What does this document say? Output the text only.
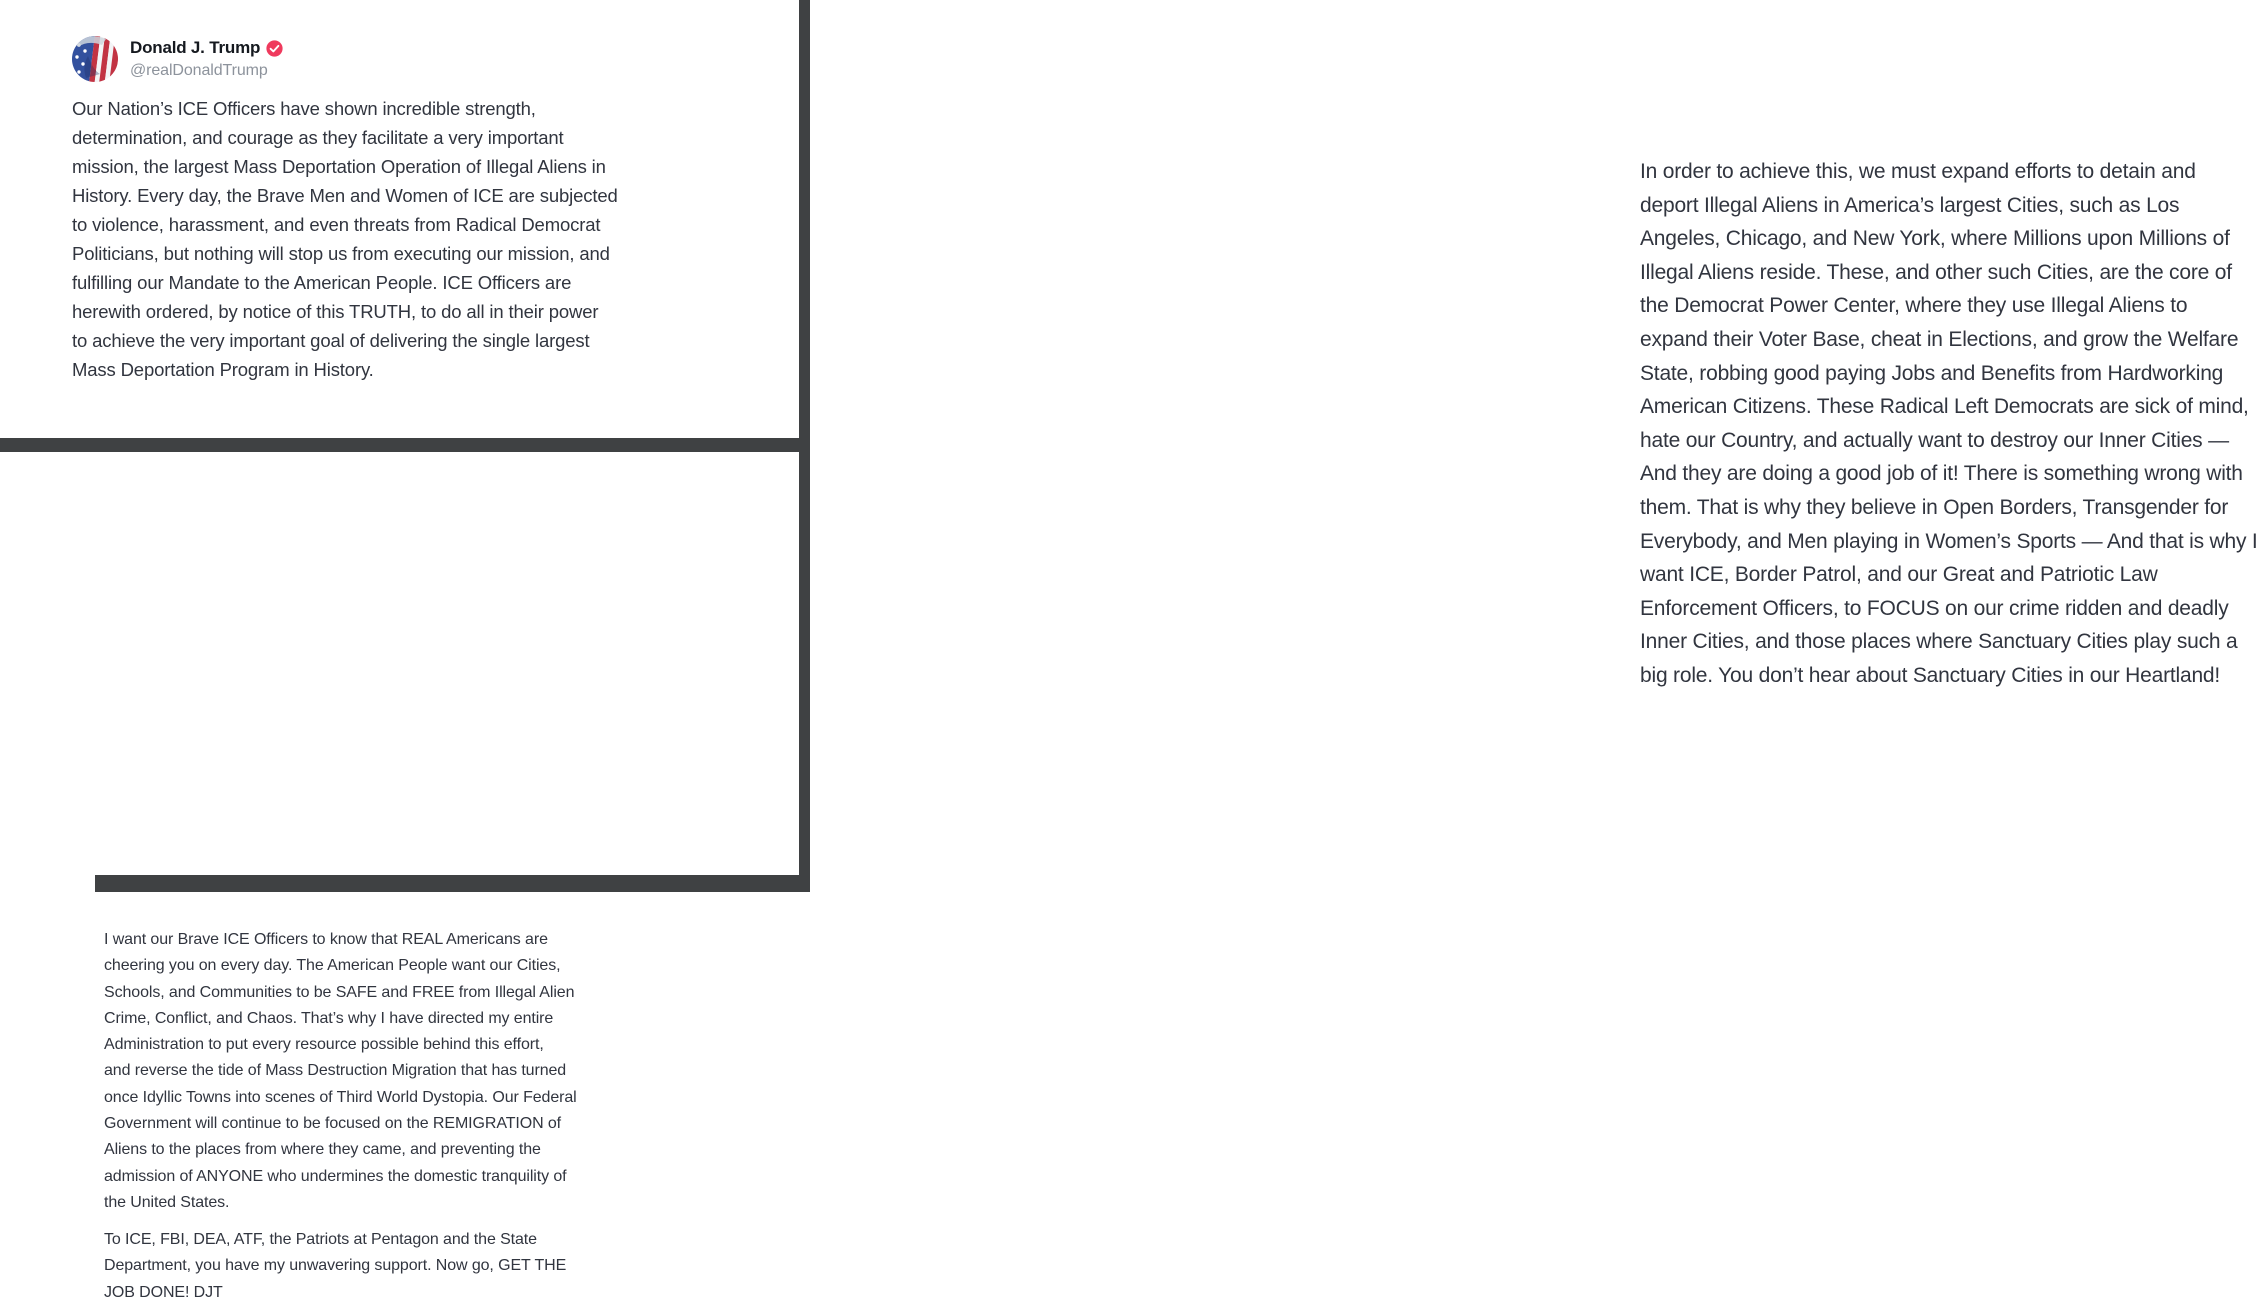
Donald J. Trump
@realDonaldTrump
Our Nation’s ICE Officers have shown incredible strength,
determination, and courage as they facilitate a very important
mission, the largest Mass Deportation Operation of Illegal Aliens in
History. Every day, the Brave Men and Women of ICE are subjected
to violence, harassment, and even threats from Radical Democrat
Politicians, but nothing will stop us from executing our mission, and
fulfilling our Mandate to the American People. ICE Officers are
herewith ordered, by notice of this TRUTH, to do all in their power
to achieve the very important goal of delivering the single largest
Mass Deportation Program in History.
I want our Brave ICE Officers to know that REAL Americans are
cheering you on every day. The American People want our Cities,
Schools, and Communities to be SAFE and FREE from Illegal Alien
Crime, Conflict, and Chaos. That’s why I have directed my entire
Administration to put every resource possible behind this effort,
and reverse the tide of Mass Destruction Migration that has turned
once Idyllic Towns into scenes of Third World Dystopia. Our Federal
Government will continue to be focused on the REMIGRATION of
Aliens to the places from where they came, and preventing the
admission of ANYONE who undermines the domestic tranquility of
the United States.
To ICE, FBI, DEA, ATF, the Patriots at Pentagon and the State
Department, you have my unwavering support. Now go, GET THE
JOB DONE! DJT
In order to achieve this, we must expand efforts to detain and
deport Illegal Aliens in America’s largest Cities, such as Los
Angeles, Chicago, and New York, where Millions upon Millions of
Illegal Aliens reside. These, and other such Cities, are the core of
the Democrat Power Center, where they use Illegal Aliens to
expand their Voter Base, cheat in Elections, and grow the Welfare
State, robbing good paying Jobs and Benefits from Hardworking
American Citizens. These Radical Left Democrats are sick of mind,
hate our Country, and actually want to destroy our Inner Cities —
And they are doing a good job of it! There is something wrong with
them. That is why they believe in Open Borders, Transgender for
Everybody, and Men playing in Women’s Sports — And that is why I
want ICE, Border Patrol, and our Great and Patriotic Law
Enforcement Officers, to FOCUS on our crime ridden and deadly
Inner Cities, and those places where Sanctuary Cities play such a
big role. You don’t hear about Sanctuary Cities in our Heartland!
